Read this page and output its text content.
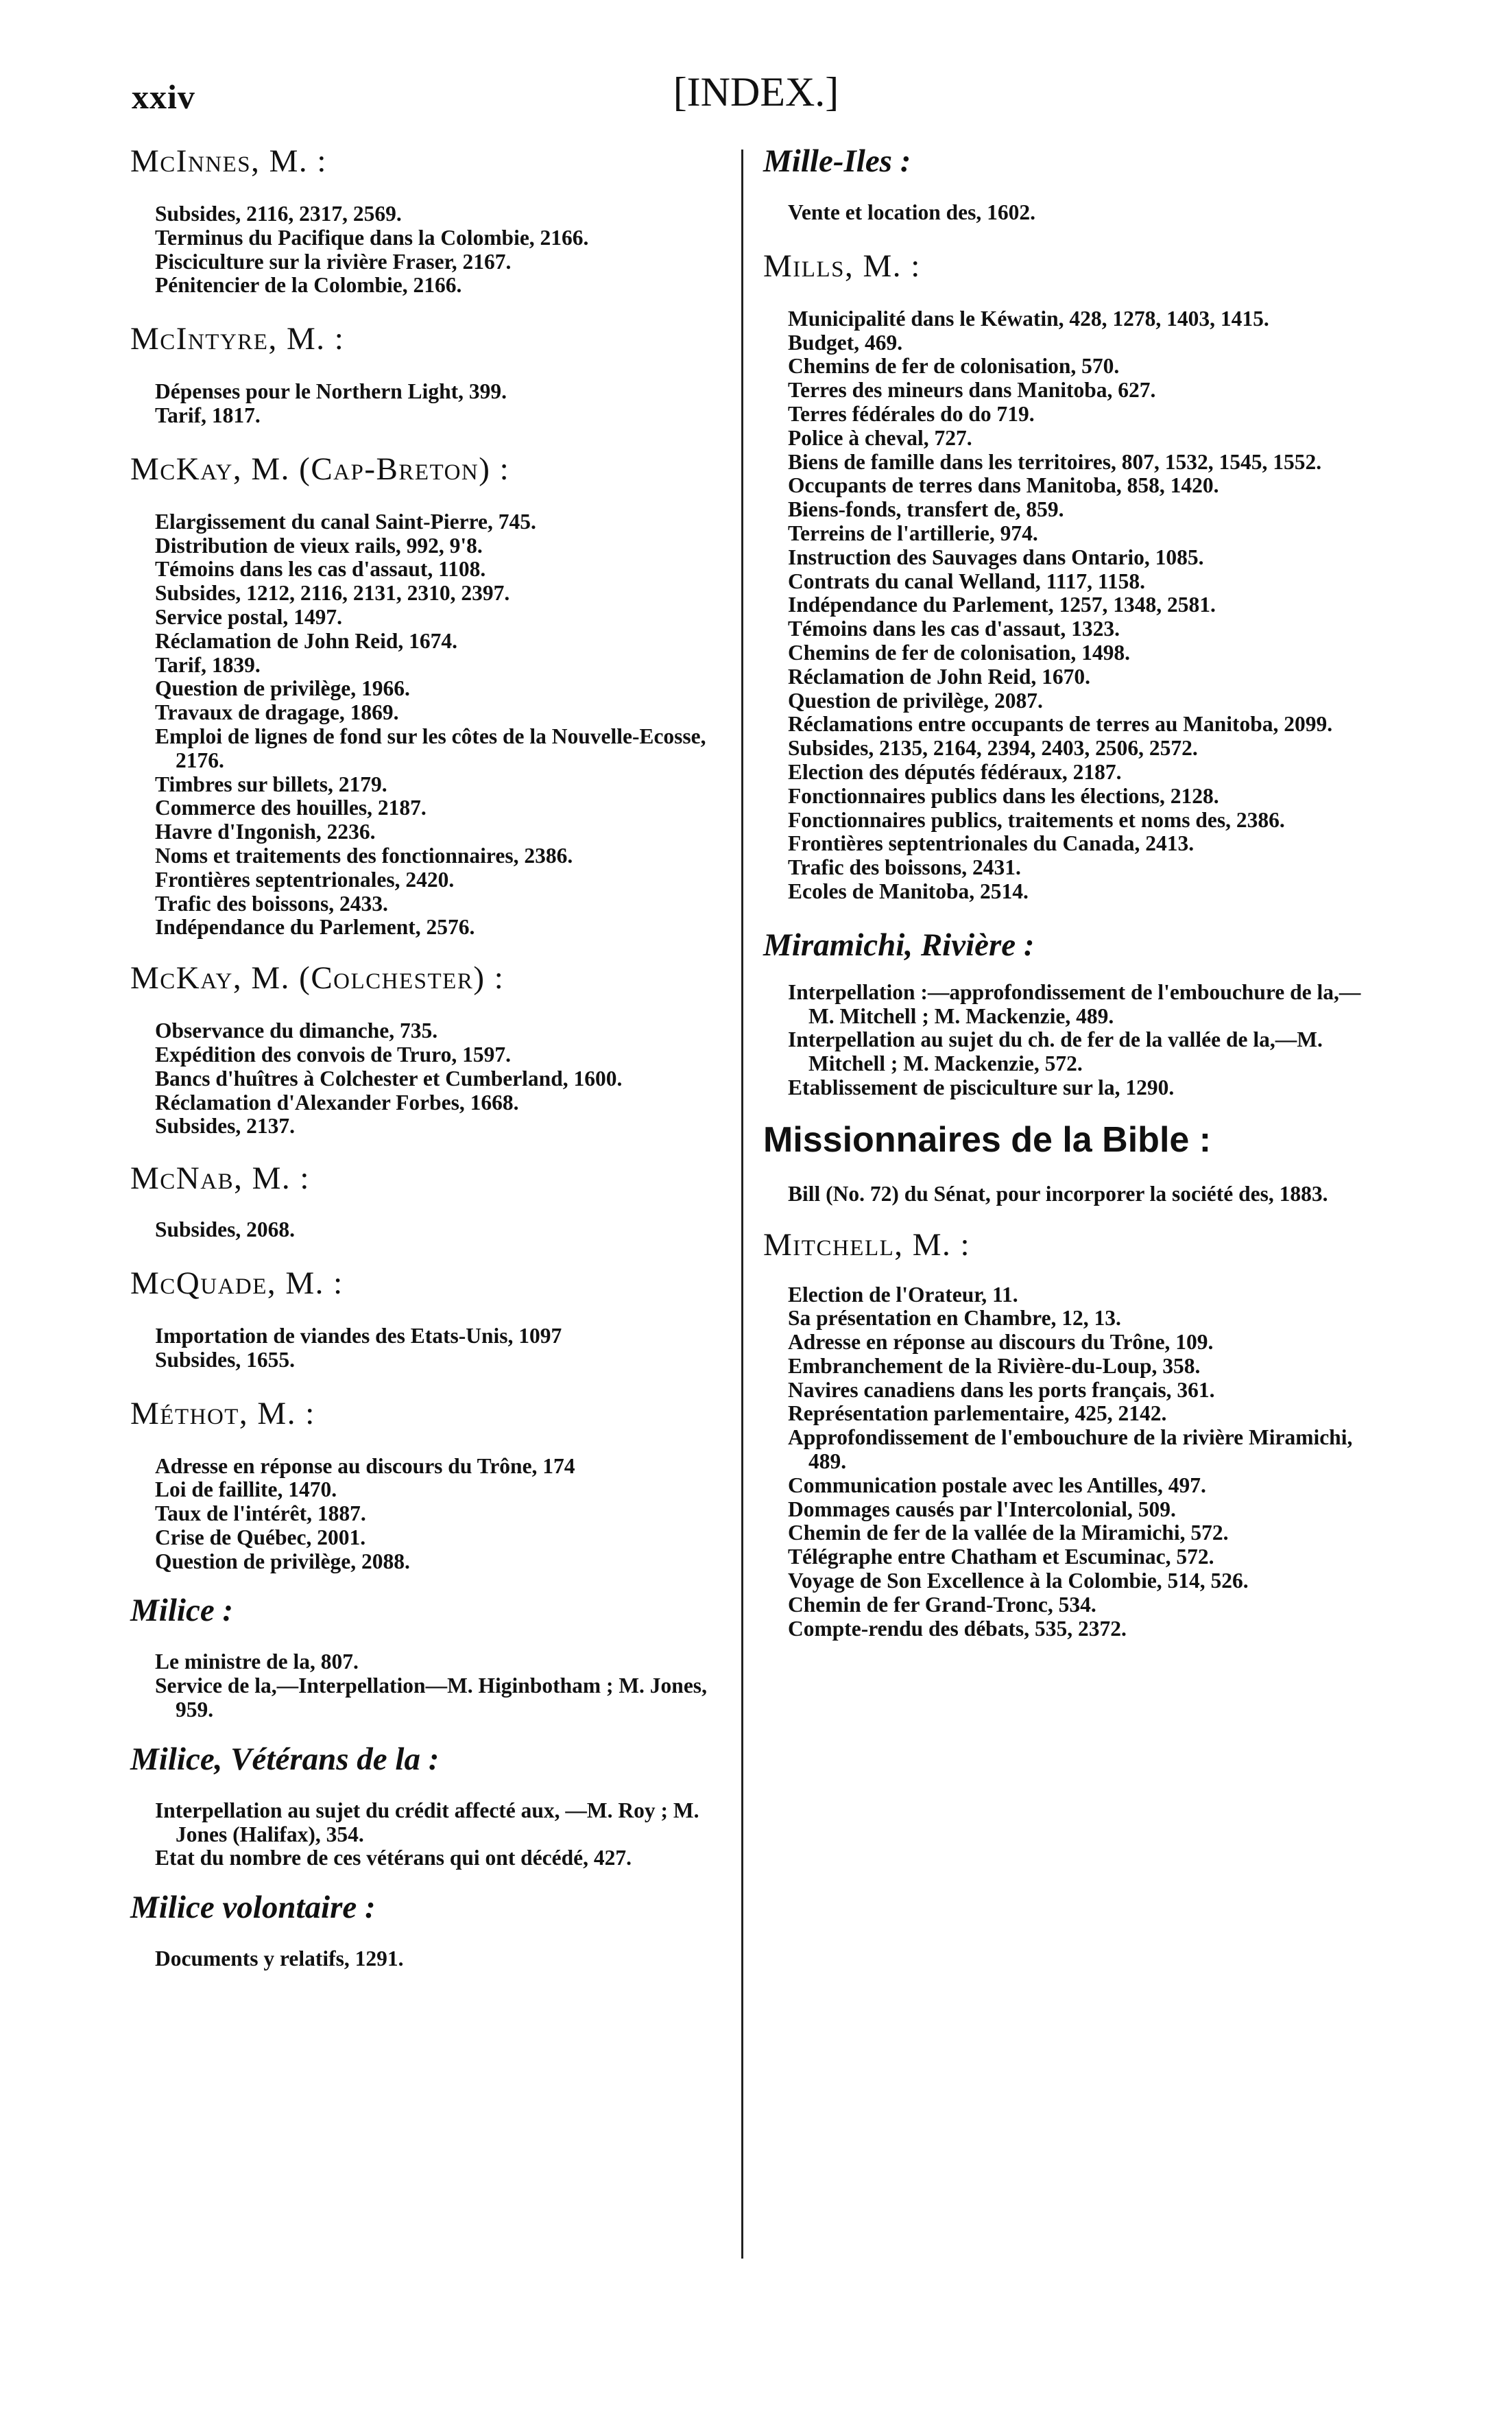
xxiv	[INDEX.]
McInnes, M. :
Subsides, 2116, 2317, 2569.
Terminus du Pacifique dans la Colombie, 2166.
Pisciculture sur la rivière Fraser, 2167.
Pénitencier de la Colombie, 2166.
McIntyre, M. :
Dépenses pour le Northern Light, 399.
Tarif, 1817.
McKay, M. (Cap-Breton) :
Elargissement du canal Saint-Pierre, 745.
Distribution de vieux rails, 992, 9'8.
Témoins dans les cas d'assaut, 1108.
Subsides, 1212, 2116, 2131, 2310, 2397.
Service postal, 1497.
Réclamation de John Reid, 1674.
Tarif, 1839.
Question de privilège, 1966.
Travaux de dragage, 1869.
Emploi de lignes de fond sur les côtes de la Nouvelle-Ecosse, 2176.
Timbres sur billets, 2179.
Commerce des houilles, 2187.
Havre d'Ingonish, 2236.
Noms et traitements des fonctionnaires, 2386.
Frontières septentrionales, 2420.
Trafic des boissons, 2433.
Indépendance du Parlement, 2576.
McKay, M. (Colchester) :
Observance du dimanche, 735.
Expédition des convois de Truro, 1597.
Bancs d'huîtres à Colchester et Cumberland, 1600.
Réclamation d'Alexander Forbes, 1668.
Subsides, 2137.
McNab, M. :
Subsides, 2068.
McQuade, M. :
Importation de viandes des Etats-Unis, 1097
Subsides, 1655.
Méthot, M. :
Adresse en réponse au discours du Trône, 174
Loi de faillite, 1470.
Taux de l'intérêt, 1887.
Crise de Québec, 2001.
Question de privilège, 2088.
Milice :
Le ministre de la, 807.
Service de la,—Interpellation—M. Higinbotham ; M. Jones, 959.
Milice, Vétérans de la :
Interpellation au sujet du crédit affecté aux, —M. Roy ; M. Jones (Halifax), 354.
Etat du nombre de ces vétérans qui ont décédé, 427.
Milice volontaire :
Documents y relatifs, 1291.
Mille-Iles :
Vente et location des, 1602.
Mills, M. :
Municipalité dans le Kéwatin, 428, 1278, 1403, 1415.
Budget, 469.
Chemins de fer de colonisation, 570.
Terres des mineurs dans Manitoba, 627.
Terres fédérales do do 719.
Police à cheval, 727.
Biens de famille dans les territoires, 807, 1532, 1545, 1552.
Occupants de terres dans Manitoba, 858, 1420.
Biens-fonds, transfert de, 859.
Terreins de l'artillerie, 974.
Instruction des Sauvages dans Ontario, 1085.
Contrats du canal Welland, 1117, 1158.
Indépendance du Parlement, 1257, 1348, 2581.
Témoins dans les cas d'assaut, 1323.
Chemins de fer de colonisation, 1498.
Réclamation de John Reid, 1670.
Question de privilège, 2087.
Réclamations entre occupants de terres au Manitoba, 2099.
Subsides, 2135, 2164, 2394, 2403, 2506, 2572.
Election des députés fédéraux, 2187.
Fonctionnaires publics dans les élections, 2128.
Fonctionnaires publics, traitements et noms des, 2386.
Frontières septentrionales du Canada, 2413.
Trafic des boissons, 2431.
Ecoles de Manitoba, 2514.
Miramichi, Rivière :
Interpellation :—approfondissement de l'embouchure de la,—M. Mitchell ; M. Mackenzie, 489.
Interpellation au sujet du ch. de fer de la vallée de la,—M. Mitchell ; M. Mackenzie, 572.
Etablissement de pisciculture sur la, 1290.
Missionnaires de la Bible :
Bill (No. 72) du Sénat, pour incorporer la société des, 1883.
Mitchell, M. :
Election de l'Orateur, 11.
Sa présentation en Chambre, 12, 13.
Adresse en réponse au discours du Trône, 109.
Embranchement de la Rivière-du-Loup, 358.
Navires canadiens dans les ports français, 361.
Représentation parlementaire, 425, 2142.
Approfondissement de l'embouchure de la rivière Miramichi, 489.
Communication postale avec les Antilles, 497.
Dommages causés par l'Intercolonial, 509.
Chemin de fer de la vallée de la Miramichi, 572.
Télégraphe entre Chatham et Escuminac, 572.
Voyage de Son Excellence à la Colombie, 514, 526.
Chemin de fer Grand-Tronc, 534.
Compte-rendu des débats, 535, 2372.
